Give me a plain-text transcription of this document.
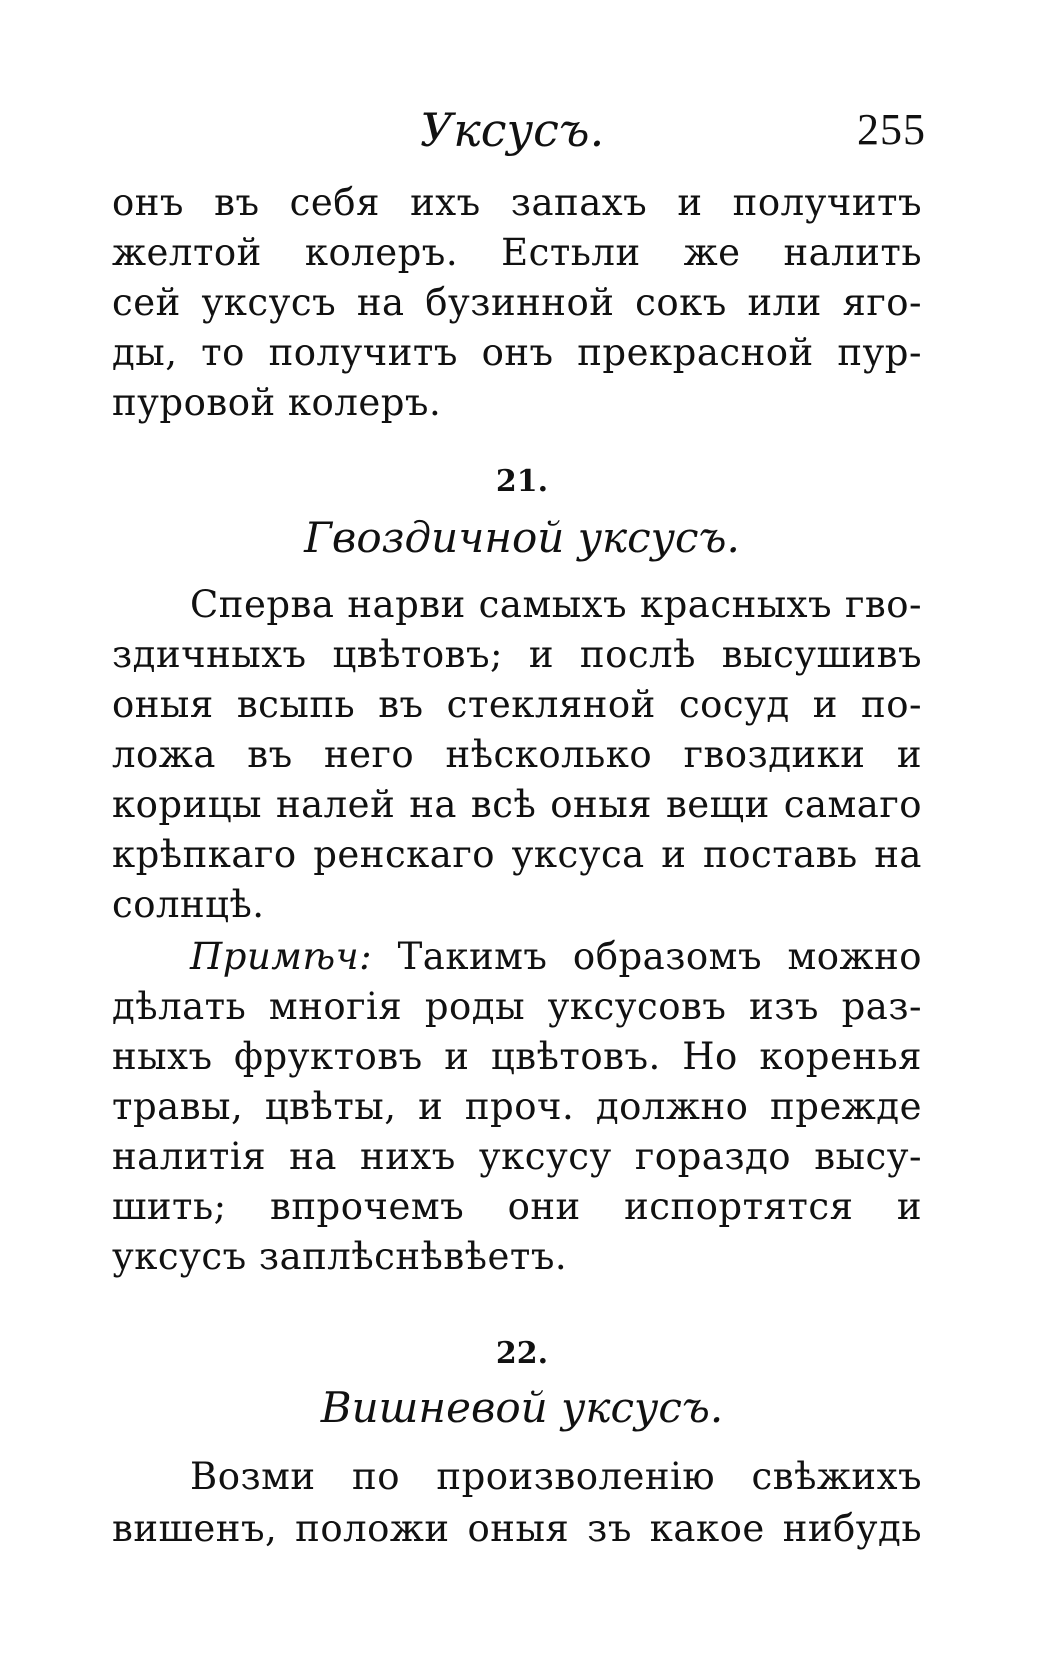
Уксусъ.	255
онъ въ себя ихъ запахъ и получитъ
желтой колеръ. Естьли же налить
сей уксусъ на бузинной сокъ или яго-
ды, то получитъ онъ прекрасной пур-
пуровой колеръ.
21.
Гвоздичной уксусъ.
Сперва нарви самыхъ красныхъ гво-
здичныхъ цвѣтовъ; и послѣ высушивъ
оныя всыпь въ стекляной сосуд и по-
ложа въ него нѣсколько гвоздики и
корицы налей на всѣ оныя вещи самаго
крѣпкаго ренскаго уксуса и поставь на
солнцѣ.
Примѣч: Такимъ образомъ можно
дѣлать многія роды уксусовъ изъ раз-
ныхъ фруктовъ и цвѣтовъ. Но коренья
травы, цвѣты, и проч. должно прежде
налитія на нихъ уксусу гораздо высу-
шить; впрочемъ они испортятся и
уксусъ заплѣснѣвѣетъ.
22.
Вишневой уксусъ.
Возми по произволенію свѣжихъ
вишенъ, положи оныя зъ какое нибудь
